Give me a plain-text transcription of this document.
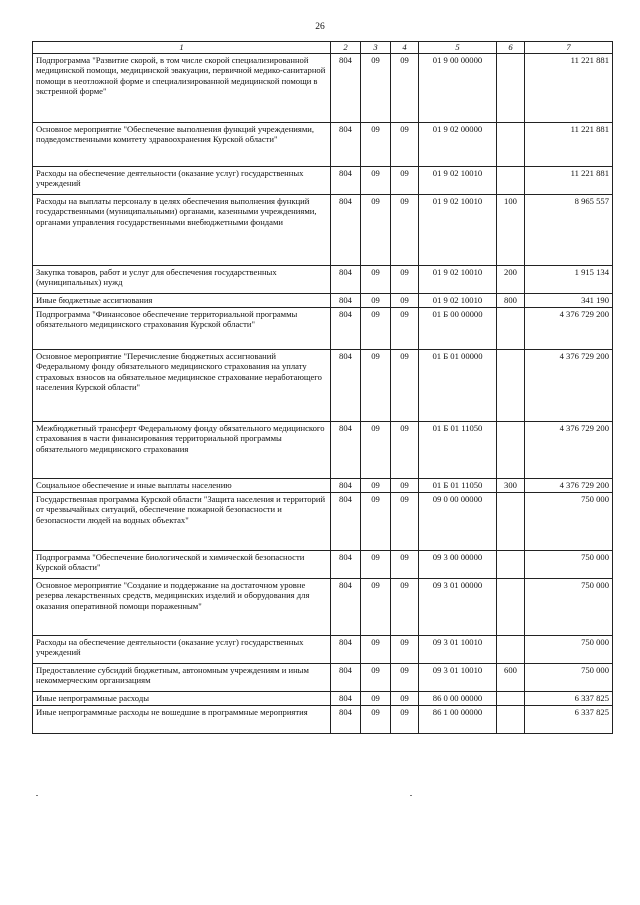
26
1	2	3	4	5	6	7
Подпрограмма "Развитие скорой, в том числе скорой специализированной медицинской помощи, медицинской эвакуации, первичной медико-санитарной помощи в неотложной форме и специализированной медицинской помощи в экстренной форме"	804	09	09	01 9 00 00000		11 221 881
Основное мероприятие "Обеспечение выполнения функций учреждениями, подведомственными комитету здравоохранения Курской области"	804	09	09	01 9 02 00000		11 221 881
Расходы на обеспечение деятельности (оказание услуг) государственных учреждений	804	09	09	01 9 02 10010		11 221 881
Расходы на выплаты персоналу в целях обеспечения выполнения функций государственными (муниципальными) органами, казенными учреждениями, органами управления государственными внебюджетными фондами	804	09	09	01 9 02 10010	100	8 965 557
Закупка товаров, работ и услуг для обеспечения государственных (муниципальных) нужд	804	09	09	01 9 02 10010	200	1 915 134
Иные бюджетные ассигнования	804	09	09	01 9 02 10010	800	341 190
Подпрограмма "Финансовое обеспечение территориальной программы обязательного медицинского страхования Курской области"	804	09	09	01 Б 00 00000		4 376 729 200
Основное мероприятие "Перечисление бюджетных ассигнований Федеральному фонду обязательного медицинского страхования на уплату страховых взносов на обязательное медицинское страхование неработающего населения Курской области"	804	09	09	01 Б 01 00000		4 376 729 200
Межбюджетный трансферт Федеральному фонду обязательного медицинского страхования в части финансирования территориальной программы обязательного медицинского страхования	804	09	09	01 Б 01 11050		4 376 729 200
Социальное обеспечение и иные выплаты населению	804	09	09	01 Б 01 11050	300	4 376 729 200
Государственная программа Курской области "Защита населения и территорий от чрезвычайных ситуаций, обеспечение пожарной безопасности и безопасности людей на водных объектах"	804	09	09	09 0 00 00000		750 000
Подпрограмма "Обеспечение биологической и химической безопасности Курской области"	804	09	09	09 3 00 00000		750 000
Основное мероприятие "Создание и поддержание на достаточном уровне резерва лекарственных средств, медицинских изделий и оборудования для оказания оперативной помощи пораженным"	804	09	09	09 3 01 00000		750 000
Расходы на обеспечение деятельности (оказание услуг) государственных учреждений	804	09	09	09 3 01 10010		750 000
Предоставление субсидий бюджетным, автономным учреждениям и иным некоммерческим организациям	804	09	09	09 3 01 10010	600	750 000
Иные непрограммные расходы	804	09	09	86 0 00 00000		6 337 825
Иные непрограммные расходы не вошедшие в программные мероприятия	804	09	09	86 1 00 00000		6 337 825
